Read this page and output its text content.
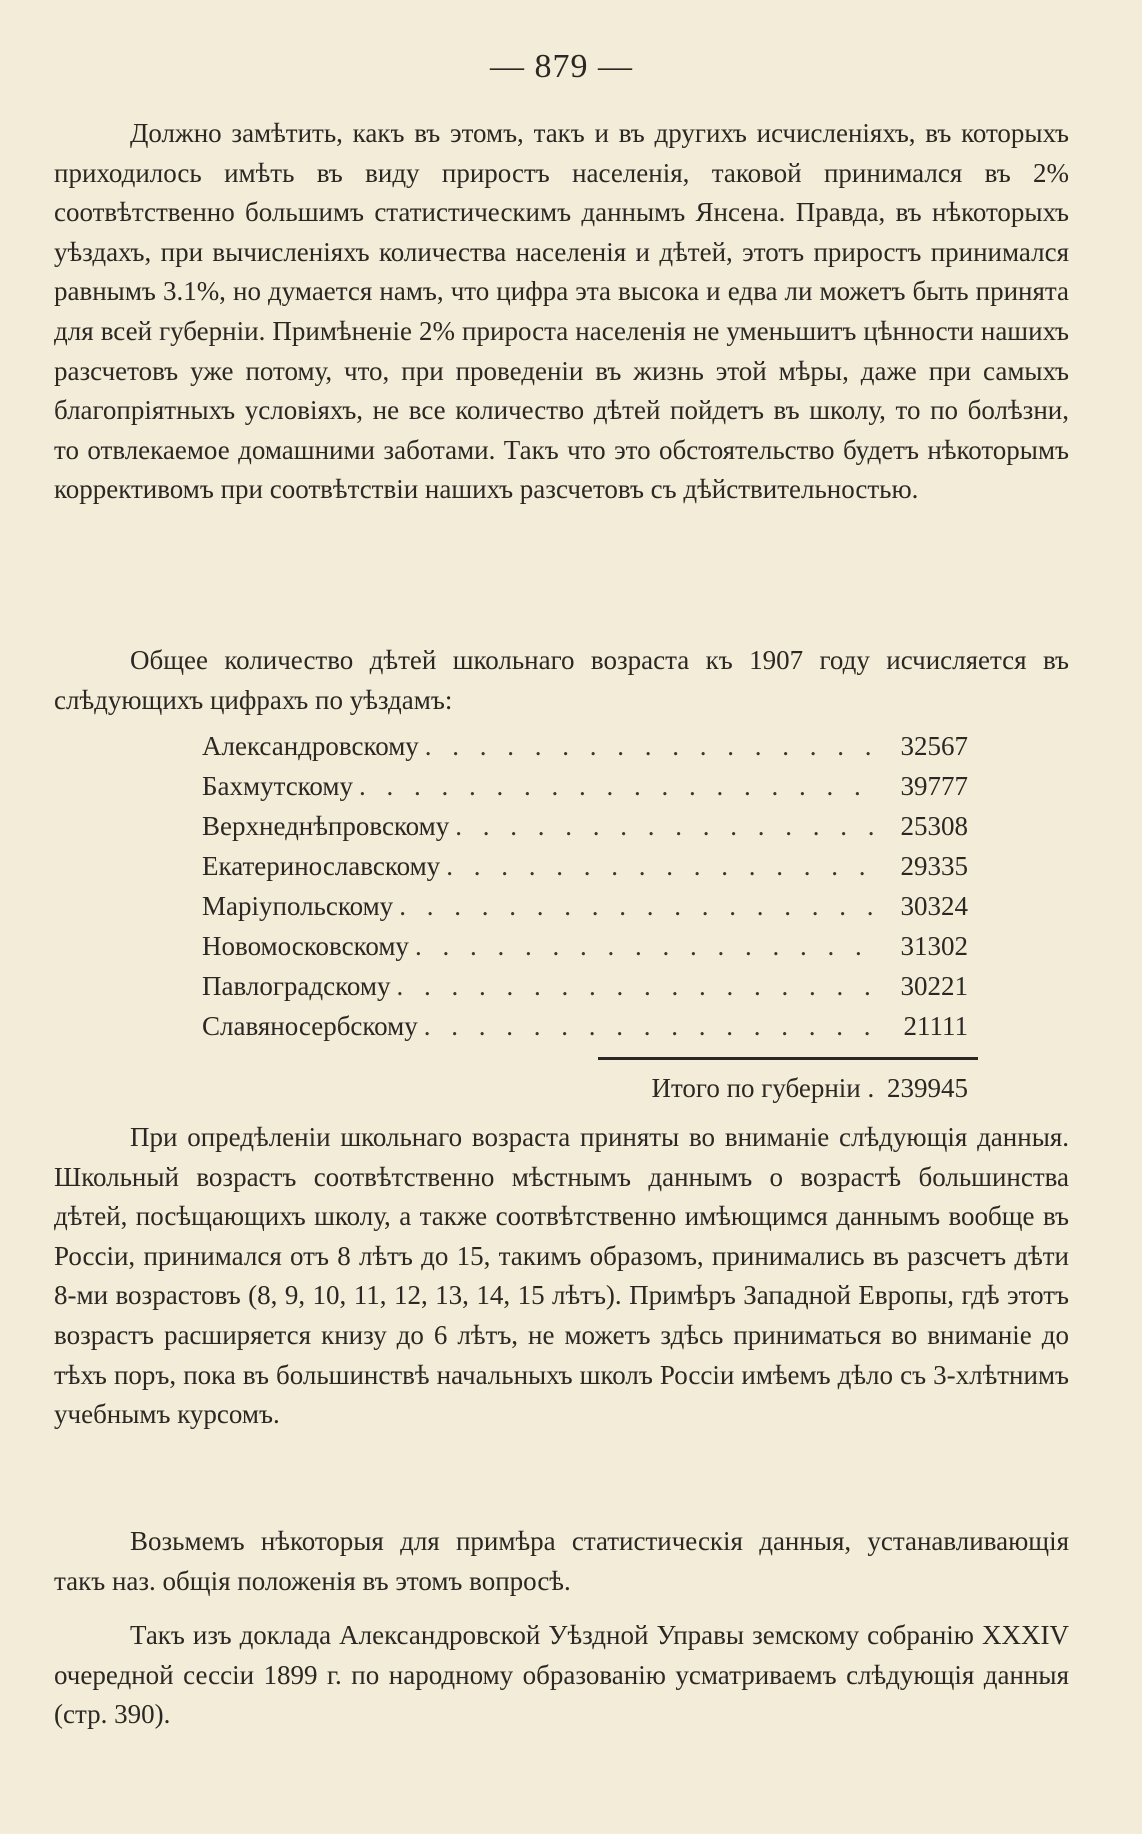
— 879 —

Должно замѣтить, какъ въ этомъ, такъ и въ другихъ исчисленіяхъ, въ которыхъ приходилось имѣть въ виду приростъ населенія, таковой принимался въ 2% соотвѣтственно большимъ статистическимъ даннымъ Янсена. Правда, въ нѣкоторыхъ уѣздахъ, при вычисленіяхъ количества населенія и дѣтей, этотъ приростъ принимался равнымъ 3.1%, но думается намъ, что цифра эта высока и едва ли можетъ быть принята для всей губерніи. Примѣненіе 2% прироста населенія не уменьшитъ цѣнности нашихъ разсчетовъ уже потому, что, при проведеніи въ жизнь этой мѣры, даже при самыхъ благопріятныхъ условіяхъ, не все количество дѣтей пойдетъ въ школу, то по болѣзни, то отвлекаемое домашними заботами. Такъ что это обстоятельство будетъ нѣкоторымъ коррективомъ при соотвѣтствіи нашихъ разсчетовъ съ дѣйствительностью.

Общее количество дѣтей школьнаго возраста къ 1907 году исчисляется въ слѣдующихъ цифрахъ по уѣздамъ:

Александровскому . . .	32567
Бахмутскому . . .	39777
Верхнеднѣпровскому . . .	25308
Екатеринославскому . . .	29335
Маріупольскому . . .	30324
Новомосковскому . . .	31302
Павлоградскому . . .	30221
Славяносербскому . . .	21111
Итого по губерніи . 239945

При опредѣленіи школьнаго возраста приняты во вниманіе слѣдующія данныя. Школьный возрастъ соотвѣтственно мѣстнымъ даннымъ о возрастѣ большинства дѣтей, посѣщающихъ школу, а также соотвѣтственно имѣющимся даннымъ вообще въ Россіи, принимался отъ 8 лѣтъ до 15, такимъ образомъ, принимались въ разсчетъ дѣти 8-ми возрастовъ (8, 9, 10, 11, 12, 13, 14, 15 лѣтъ). Примѣръ Западной Европы, гдѣ этотъ возрастъ расширяется книзу до 6 лѣтъ, не можетъ здѣсь приниматься во вниманіе до тѣхъ поръ, пока въ большинствѣ начальныхъ школъ Россіи имѣемъ дѣло съ 3-хлѣтнимъ учебнымъ курсомъ.

Возьмемъ нѣкоторыя для примѣра статистическія данныя, устанавливающія такъ наз. общія положенія въ этомъ вопросѣ.

Такъ изъ доклада Александровской Уѣздной Управы земскому собранію XXXIV очередной сессіи 1899 г. по народному образованію усматриваемъ слѣдующія данныя (стр. 390).
